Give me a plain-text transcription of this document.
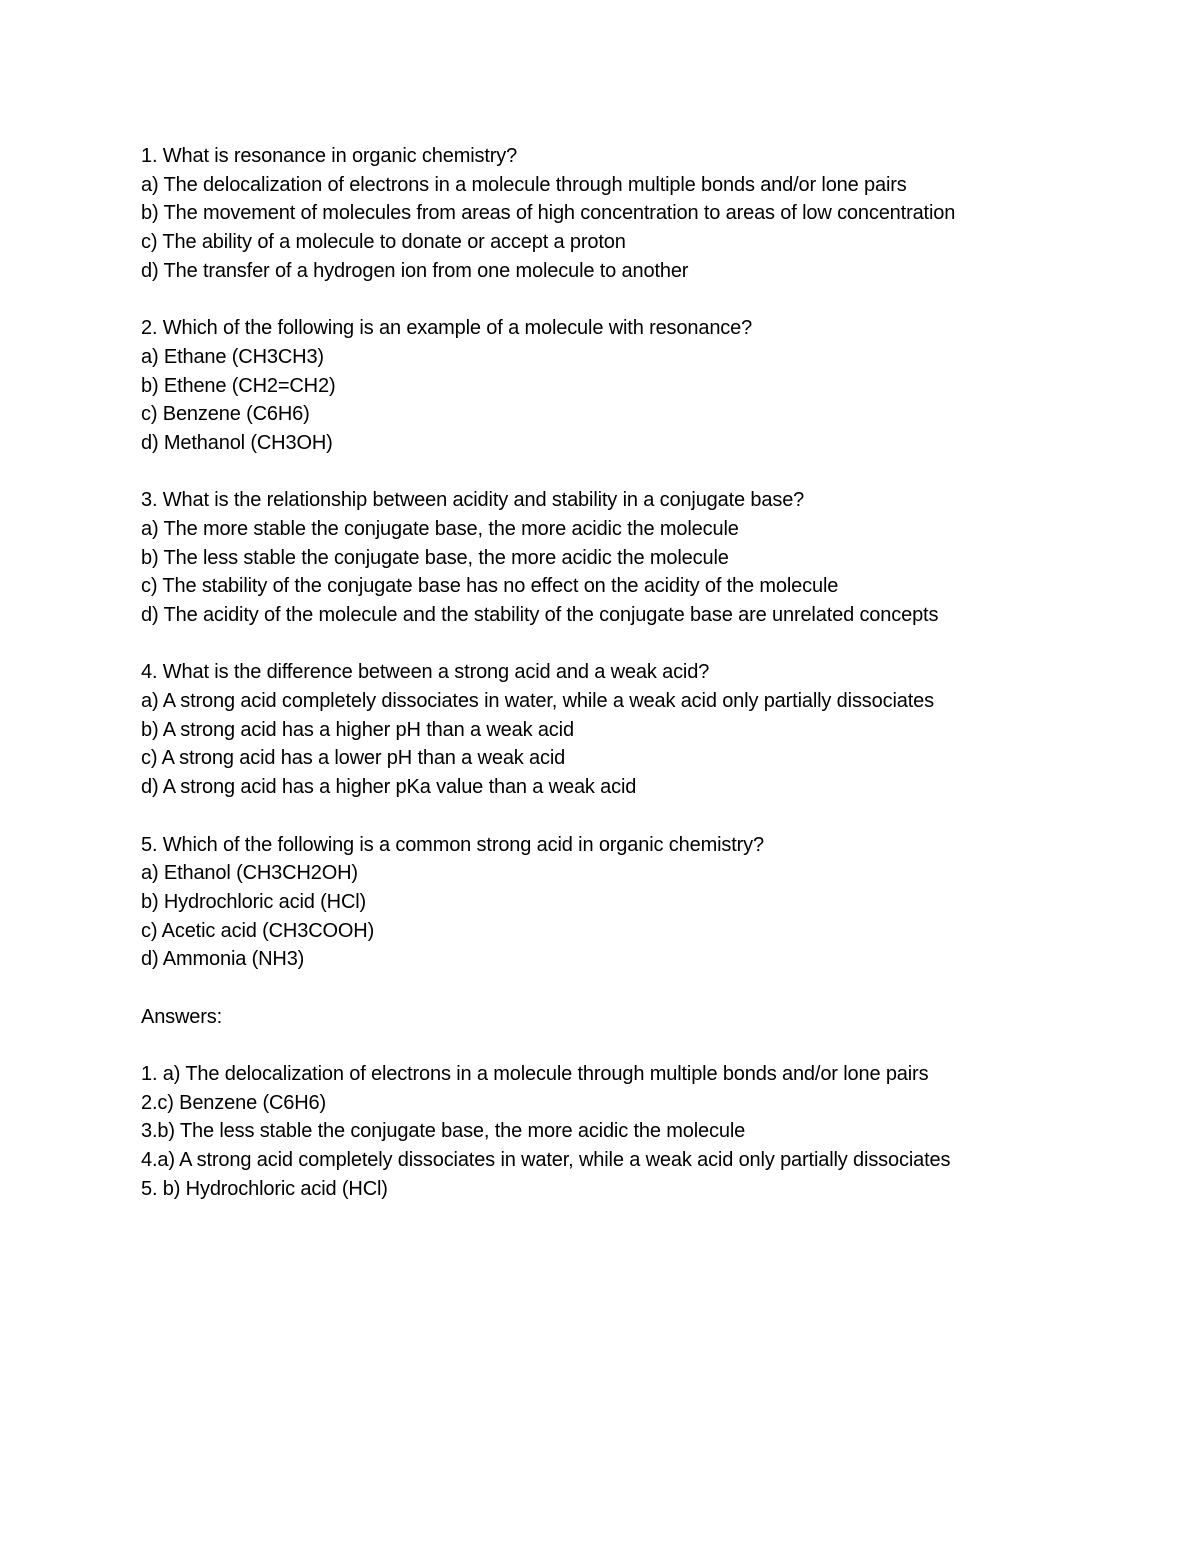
1. What is resonance in organic chemistry?
a) The delocalization of electrons in a molecule through multiple bonds and/or lone pairs
b) The movement of molecules from areas of high concentration to areas of low concentration
c) The ability of a molecule to donate or accept a proton
d) The transfer of a hydrogen ion from one molecule to another
2. Which of the following is an example of a molecule with resonance?
a) Ethane (CH3CH3)
b) Ethene (CH2=CH2)
c) Benzene (C6H6)
d) Methanol (CH3OH)
3. What is the relationship between acidity and stability in a conjugate base?
a) The more stable the conjugate base, the more acidic the molecule
b) The less stable the conjugate base, the more acidic the molecule
c) The stability of the conjugate base has no effect on the acidity of the molecule
d) The acidity of the molecule and the stability of the conjugate base are unrelated concepts
4. What is the difference between a strong acid and a weak acid?
a) A strong acid completely dissociates in water, while a weak acid only partially dissociates
b) A strong acid has a higher pH than a weak acid
c) A strong acid has a lower pH than a weak acid
d) A strong acid has a higher pKa value than a weak acid
5. Which of the following is a common strong acid in organic chemistry?
a) Ethanol (CH3CH2OH)
b) Hydrochloric acid (HCl)
c) Acetic acid (CH3COOH)
d) Ammonia (NH3)
Answers:
1. a) The delocalization of electrons in a molecule through multiple bonds and/or lone pairs
2.c) Benzene (C6H6)
3.b) The less stable the conjugate base, the more acidic the molecule
4.a) A strong acid completely dissociates in water, while a weak acid only partially dissociates
5. b) Hydrochloric acid (HCl)
